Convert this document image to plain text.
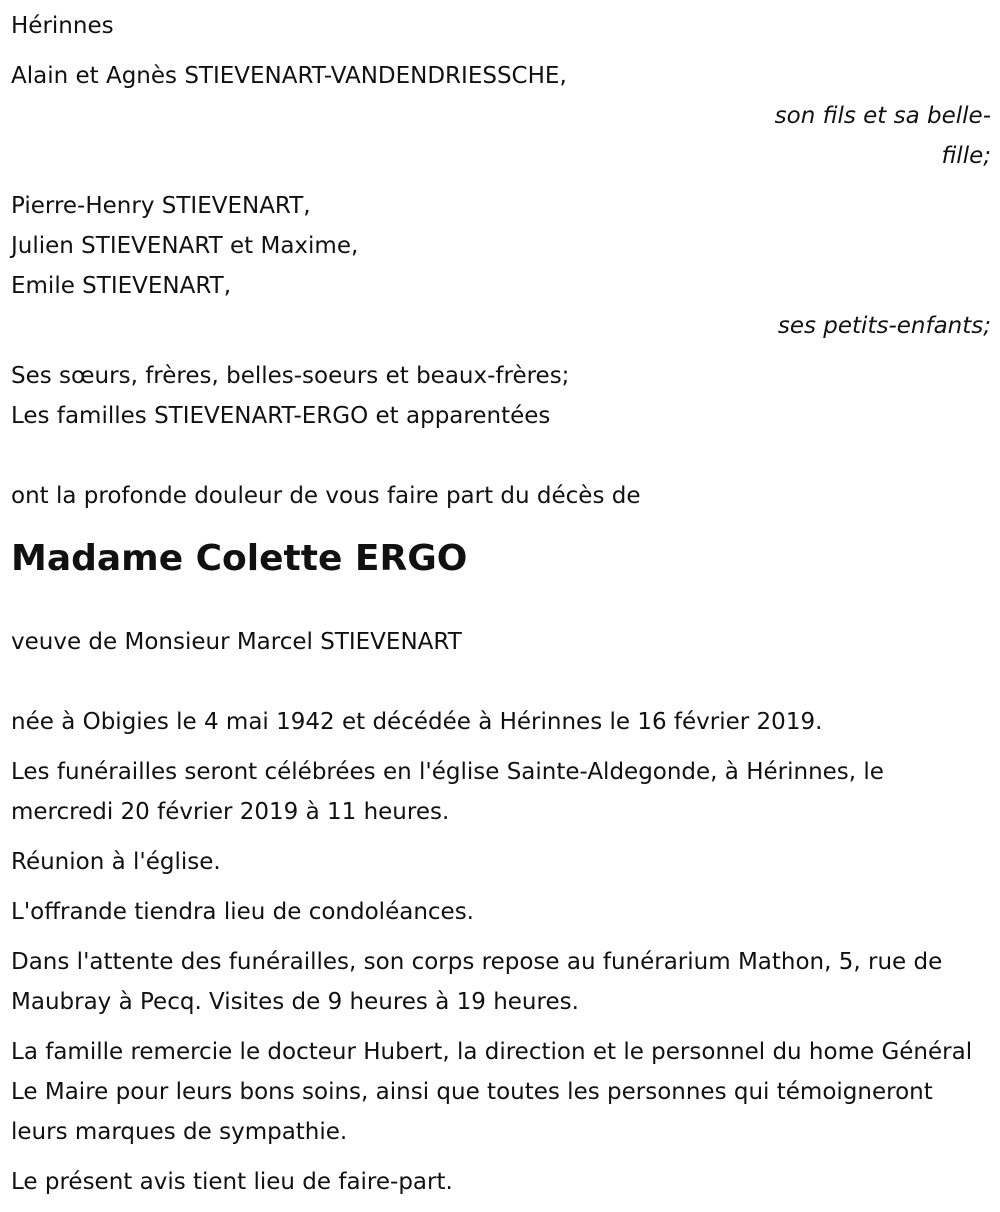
Hérinnes

Alain et Agnès STIEVENART-VANDENDRIESSCHE,

son fils et sa belle-

fille;

Pierre-Henry STIEVENART,

Julien STIEVENART et Maxime,

Emile STIEVENART,

ses petits-enfants;

Ses sœurs, frères, belles-soeurs et beaux-frères;

Les familles STIEVENART-ERGO et apparentées

ont la profonde douleur de vous faire part du décès de

Madame Colette ERGO

veuve de Monsieur Marcel STIEVENART

née à Obigies le 4 mai 1942 et décédée à Hérinnes le 16 février 2019.

Les funérailles seront célébrées en l'église Sainte-Aldegonde, à Hérinnes, le mercredi 20 février 2019 à 11 heures.

Réunion à l'église.

L'offrande tiendra lieu de condoléances.

Dans l'attente des funérailles, son corps repose au funérarium Mathon, 5, rue de Maubray à Pecq. Visites de 9 heures à 19 heures.

La famille remercie le docteur Hubert, la direction et le personnel du home Général Le Maire pour leurs bons soins, ainsi que toutes les personnes qui témoigneront leurs marques de sympathie.

Le présent avis tient lieu de faire-part.
